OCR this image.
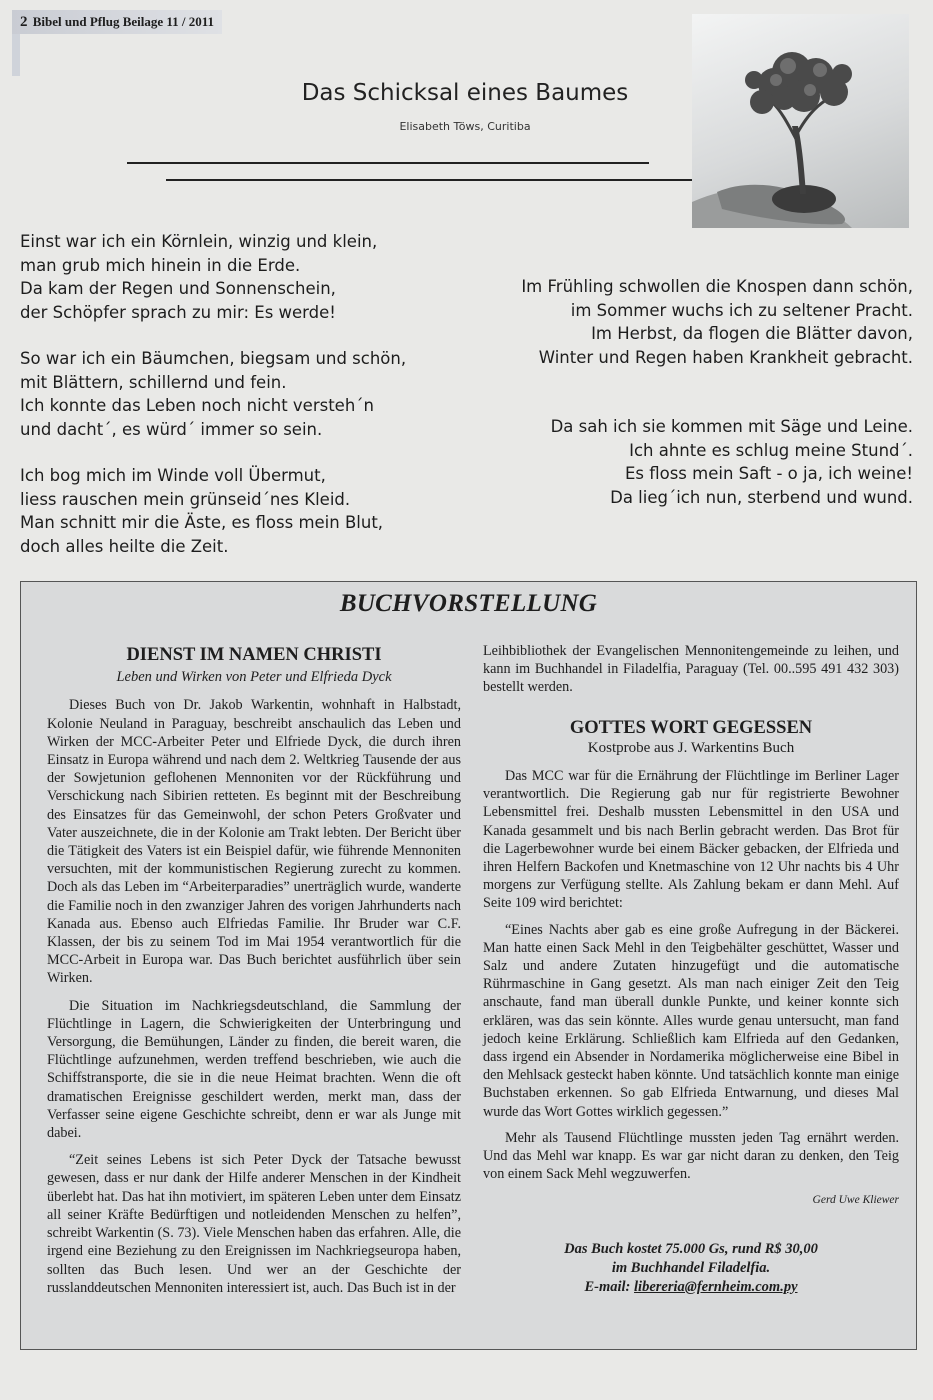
2 Bibel und Pflug Beilage 11 / 2011
Das Schicksal eines Baumes
Elisabeth Töws, Curitiba

Einst war ich ein Körnlein, winzig und klein,

man grub mich hinein in die Erde.

Da kam der Regen und Sonnenschein,

der Schöpfer sprach zu mir: Es werde!

So war ich ein Bäumchen, biegsam und schön,

mit Blättern, schillernd und fein.

Ich konnte das Leben noch nicht versteh´n

und dacht´, es würd´ immer so sein.

Ich bog mich im Winde voll Übermut,

liess rauschen mein grünseid´nes Kleid.

Man schnitt mir die Äste, es floss mein Blut,

doch alles heilte die Zeit.

Im Frühling schwollen die Knospen dann schön,

im Sommer wuchs ich zu seltener Pracht.

Im Herbst, da flogen die Blätter davon,

Winter und Regen haben Krankheit gebracht.

Da sah ich sie kommen mit Säge und Leine.

Ich ahnte es schlug meine Stund´.

Es floss mein Saft - o ja, ich weine!

Da lieg´ich nun, sterbend und wund.

BUCHVORSTELLUNG
DIENST IM NAMEN CHRISTI
Leben und Wirken von Peter und Elfrieda Dyck

Dieses Buch von Dr. Jakob Warkentin, wohnhaft in Halbstadt, Kolonie Neuland in Paraguay, beschreibt anschaulich das Leben und Wirken der MCC-Arbeiter Peter und Elfriede Dyck, die durch ihren Einsatz in Europa während und nach dem 2. Weltkrieg Tausende der aus der Sowjetunion geflohenen Mennoniten vor der Rückführung und Verschickung nach Sibirien retteten. Es beginnt mit der Beschreibung des Einsatzes für das Gemeinwohl, der schon Peters Großvater und Vater auszeichnete, die in der Kolonie am Trakt lebten. Der Bericht über die Tätigkeit des Vaters ist ein Beispiel dafür, wie führende Mennoniten versuchten, mit der kommunistischen Regierung zurecht zu kommen. Doch als das Leben im “Arbeiterparadies” unerträglich wurde, wanderte die Familie noch in den zwanziger Jahren des vorigen Jahrhunderts nach Kanada aus. Ebenso auch Elfriedas Familie. Ihr Bruder war C.F. Klassen, der bis zu seinem Tod im Mai 1954 verantwortlich für die MCC-Arbeit in Europa war. Das Buch berichtet ausführlich über sein Wirken.

Die Situation im Nachkriegsdeutschland, die Sammlung der Flüchtlinge in Lagern, die Schwierigkeiten der Unterbringung und Versorgung, die Bemühungen, Länder zu finden, die bereit waren, die Flüchtlinge aufzunehmen, werden treffend beschrieben, wie auch die Schiffstransporte, die sie in die neue Heimat brachten. Wenn die oft dramatischen Ereignisse geschildert werden, merkt man, dass der Verfasser seine eigene Geschichte schreibt, denn er war als Junge mit dabei.

“Zeit seines Lebens ist sich Peter Dyck der Tatsache bewusst gewesen, dass er nur dank der Hilfe anderer Menschen in der Kindheit überlebt hat. Das hat ihn motiviert, im späteren Leben unter dem Einsatz all seiner Kräfte Bedürftigen und notleidenden Menschen zu helfen”, schreibt Warkentin (S. 73). Viele Menschen haben das erfahren. Alle, die irgend eine Beziehung zu den Ereignissen im Nachkriegseuropa haben, sollten das Buch lesen. Und wer an der Geschichte der russlanddeutschen Mennoniten interessiert ist, auch. Das Buch ist in der

Leihbibliothek der Evangelischen Mennonitengemeinde zu leihen, und kann im Buchhandel in Filadelfia, Paraguay (Tel. 00..595 491 432 303) bestellt werden.

GOTTES WORT GEGESSEN
Kostprobe aus J. Warkentins Buch

Das MCC war für die Ernährung der Flüchtlinge im Berliner Lager verantwortlich. Die Regierung gab nur für registrierte Bewohner Lebensmittel frei. Deshalb mussten Lebensmittel in den USA und Kanada gesammelt und bis nach Berlin gebracht werden. Das Brot für die Lagerbewohner wurde bei einem Bäcker gebacken, der Elfrieda und ihren Helfern Backofen und Knetmaschine von 12 Uhr nachts bis 4 Uhr morgens zur Verfügung stellte. Als Zahlung bekam er dann Mehl. Auf Seite 109 wird berichtet:

“Eines Nachts aber gab es eine große Aufregung in der Bäckerei. Man hatte einen Sack Mehl in den Teigbehälter geschüttet, Wasser und Salz und andere Zutaten hinzugefügt und die automatische Rührmaschine in Gang gesetzt. Als man nach einiger Zeit den Teig anschaute, fand man überall dunkle Punkte, und keiner konnte sich erklären, was das sein könnte. Alles wurde genau untersucht, man fand jedoch keine Erklärung. Schließlich kam Elfrieda auf den Gedanken, dass irgend ein Absender in Nordamerika möglicherweise eine Bibel in den Mehlsack gesteckt haben könnte. Und tatsächlich konnte man einige Buchstaben erkennen. So gab Elfrieda Entwarnung, und dieses Mal wurde das Wort Gottes wirklich gegessen.”

Mehr als Tausend Flüchtlinge mussten jeden Tag ernährt werden. Und das Mehl war knapp. Es war gar nicht daran zu denken, den Teig von einem Sack Mehl wegzuwerfen.

Gerd Uwe Kliewer
Das Buch kostet 75.000 Gs, rund R$ 30,00
im Buchhandel Filadelfia.
E-mail: libereria@fernheim.com.py
